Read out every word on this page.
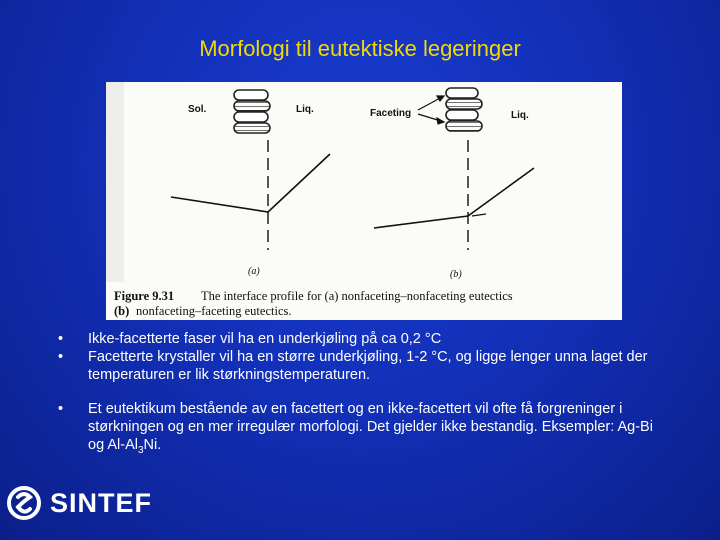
Morfologi til eutektiske legeringer
Sol.	Liq.
(a)
Faceting	Liq.
(b)
Figure 9.31 The interface profile for (a) nonfaceting–nonfaceting eutectics
(b) nonfaceting–faceting eutectics.
•	Ikke-facetterte faser vil ha en underkjøling på ca 0,2 °C
•	Facetterte krystaller vil ha en større underkjøling, 1-2 °C, og ligge lenger unna laget der temperaturen er lik størkningstemperaturen.
•	Et eutektikum bestående av en facettert og en ikke-facettert vil ofte få forgreninger i størkningen og en mer irregulær morfologi. Det gjelder ikke bestandig. Eksempler: Ag-Bi og $Al-Al_3Ni$.
SINTEF
